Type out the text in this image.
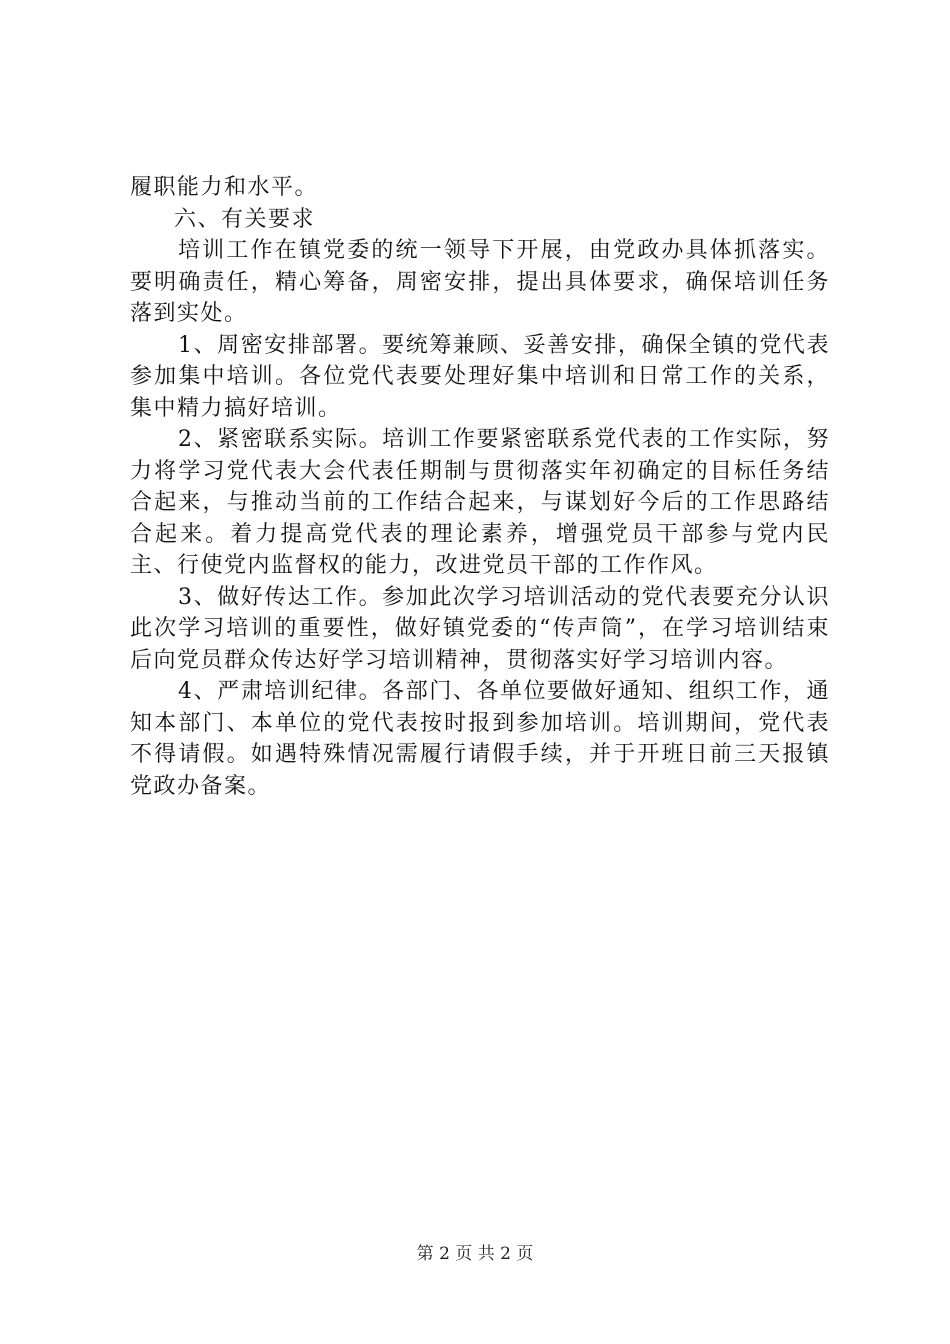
履职能力和水平。

六、有关要求

培训工作在镇党委的统一领导下开展，由党政办具体抓落实。要明确责任，精心筹备，周密安排，提出具体要求，确保培训任务落到实处。

1、周密安排部署。要统筹兼顾、妥善安排，确保全镇的党代表参加集中培训。各位党代表要处理好集中培训和日常工作的关系，集中精力搞好培训。

2、紧密联系实际。培训工作要紧密联系党代表的工作实际，努力将学习党代表大会代表任期制与贯彻落实年初确定的目标任务结合起来，与推动当前的工作结合起来，与谋划好今后的工作思路结合起来。着力提高党代表的理论素养，增强党员干部参与党内民主、行使党内监督权的能力，改进党员干部的工作作风。

3、做好传达工作。参加此次学习培训活动的党代表要充分认识此次学习培训的重要性，做好镇党委的“传声筒”，在学习培训结束后向党员群众传达好学习培训精神，贯彻落实好学习培训内容。

4、严肃培训纪律。各部门、各单位要做好通知、组织工作，通知本部门、本单位的党代表按时报到参加培训。培训期间，党代表不得请假。如遇特殊情况需履行请假手续，并于开班日前三天报镇党政办备案。

第 2 页 共 2 页
